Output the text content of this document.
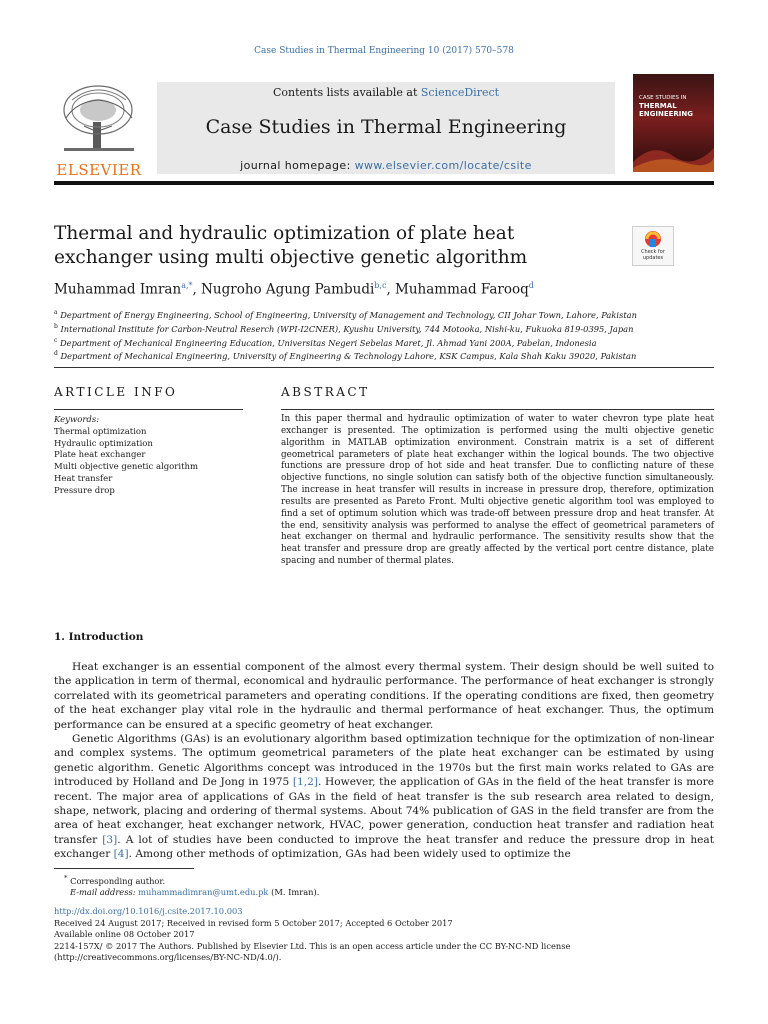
Case Studies in Thermal Engineering 10 (2017) 570–578
ELSEVIER
Contents lists available at ScienceDirect
Case Studies in Thermal Engineering
journal homepage: www.elsevier.com/locate/csite
CASE STUDIES IN
THERMAL
ENGINEERING
Thermal and hydraulic optimization of plate heat exchanger using multi objective genetic algorithm	Check for
updates
Muhammad Imran$^{a,*}$, Nugroho Agung Pambudi$^{b,c}$, Muhammad Farooq$^d$
$^a$ Department of Energy Engineering, School of Engineering, University of Management and Technology, CII Johar Town, Lahore, Pakistan
$^b$ International Institute for Carbon-Neutral Reserch (WPI-I2CNER), Kyushu University, 744 Motooka, Nishi-ku, Fukuoka 819-0395, Japan
$^c$ Department of Mechanical Engineering Education, Universitas Negeri Sebelas Maret, Jl. Ahmad Yani 200A, Pabelan, Indonesia
$^d$ Department of Mechanical Engineering, University of Engineering & Technology Lahore, KSK Campus, Kala Shah Kaku 39020, Pakistan
ARTICLE INFO
Keywords:
Thermal optimization
Hydraulic optimization
Plate heat exchanger
Multi objective genetic algorithm
Heat transfer
Pressure drop
ABSTRACT
In this paper thermal and hydraulic optimization of water to water chevron type plate heat exchanger is presented. The optimization is performed using the multi objective genetic algorithm in MATLAB optimization environment. Constrain matrix is a set of different geometrical parameters of plate heat exchanger within the logical bounds. The two objective functions are pressure drop of hot side and heat transfer. Due to conflicting nature of these objective functions, no single solution can satisfy both of the objective function simultaneously. The increase in heat transfer will results in increase in pressure drop, therefore, optimization results are presented as Pareto Front. Multi objective genetic algorithm tool was employed to find a set of optimum solution which was trade-off between pressure drop and heat transfer. At the end, sensitivity analysis was performed to analyse the effect of geometrical parameters of heat exchanger on thermal and hydraulic performance. The sensitivity results show that the heat transfer and pressure drop are greatly affected by the vertical port centre distance, plate spacing and number of thermal plates.
1. Introduction
Heat exchanger is an essential component of the almost every thermal system. Their design should be well suited to the application in term of thermal, economical and hydraulic performance. The performance of heat exchanger is strongly correlated with its geometrical parameters and operating conditions. If the operating conditions are fixed, then geometry of the heat exchanger play vital role in the hydraulic and thermal performance of heat exchanger. Thus, the optimum performance can be ensured at a specific geometry of heat exchanger.
Genetic Algorithms (GAs) is an evolutionary algorithm based optimization technique for the optimization of non-linear and complex systems. The optimum geometrical parameters of the plate heat exchanger can be estimated by using genetic algorithm. Genetic Algorithms concept was introduced in the 1970s but the first main works related to GAs are introduced by Holland and De Jong in 1975 [1,2]. However, the application of GAs in the field of the heat transfer is more recent. The major area of applications of GAs in the field of heat transfer is the sub research area related to design, shape, network, placing and ordering of thermal systems. About 74% publication of GAS in the field transfer are from the area of heat exchanger, heat exchanger network, HVAC, power generation, conduction heat transfer and radiation heat transfer [3]. A lot of studies have been conducted to improve the heat transfer and reduce the pressure drop in heat exchanger [4]. Among other methods of optimization, GAs had been widely used to optimize the
* Corresponding author.
E-mail address: muhammadimran@umt.edu.pk (M. Imran).
http://dx.doi.org/10.1016/j.csite.2017.10.003
Received 24 August 2017; Received in revised form 5 October 2017; Accepted 6 October 2017
Available online 08 October 2017
2214-157X/ © 2017 The Authors. Published by Elsevier Ltd. This is an open access article under the CC BY-NC-ND license
(http://creativecommons.org/licenses/BY-NC-ND/4.0/).
